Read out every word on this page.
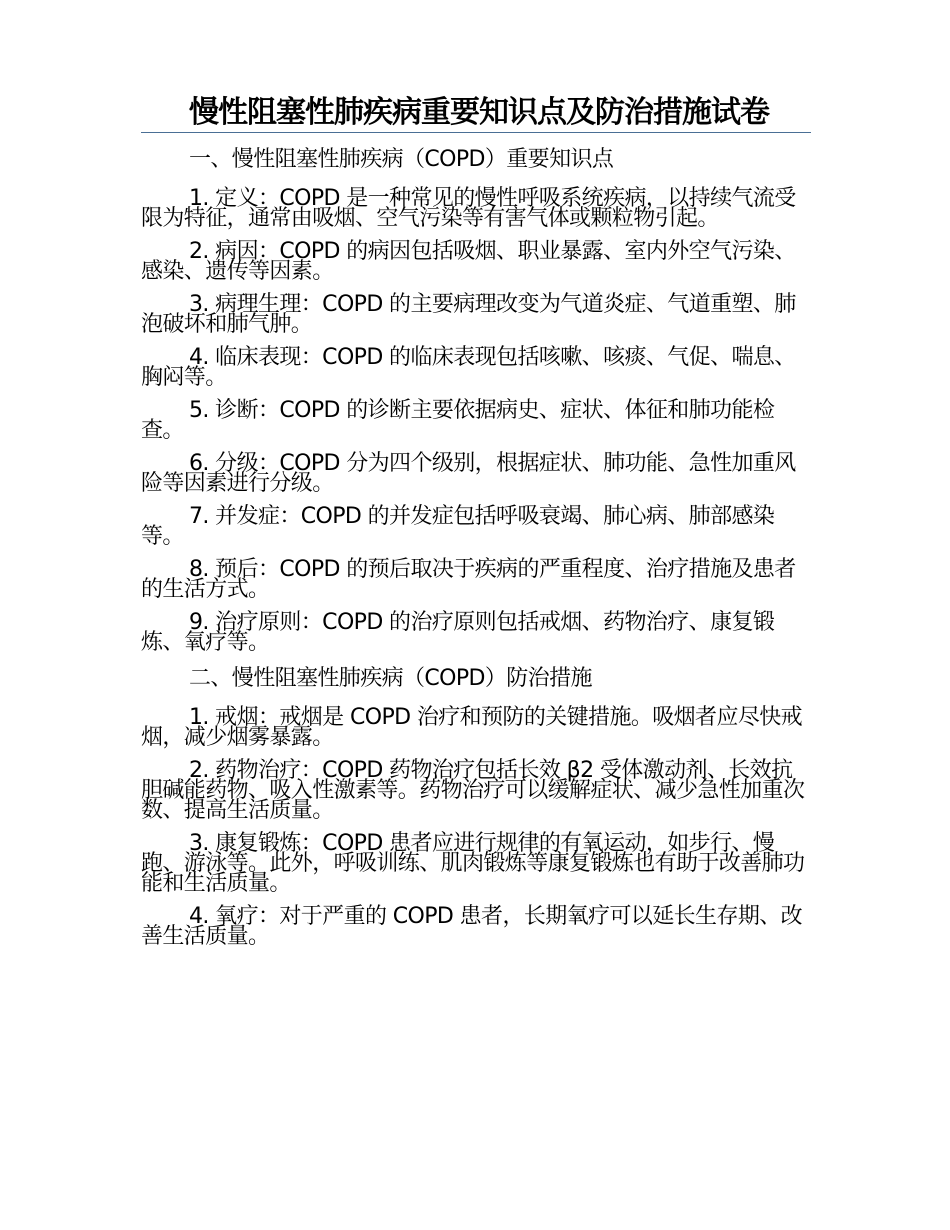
慢性阻塞性肺疾病重要知识点及防治措施试卷

一、慢性阻塞性肺疾病（COPD）重要知识点

1. 定义：COPD 是一种常见的慢性呼吸系统疾病，以持续气流受限为特征，通常由吸烟、空气污染等有害气体或颗粒物引起。

2. 病因：COPD 的病因包括吸烟、职业暴露、室内外空气污染、感染、遗传等因素。

3. 病理生理：COPD 的主要病理改变为气道炎症、气道重塑、肺泡破坏和肺气肿。

4. 临床表现：COPD 的临床表现包括咳嗽、咳痰、气促、喘息、胸闷等。

5. 诊断：COPD 的诊断主要依据病史、症状、体征和肺功能检查。

6. 分级：COPD 分为四个级别，根据症状、肺功能、急性加重风险等因素进行分级。

7. 并发症：COPD 的并发症包括呼吸衰竭、肺心病、肺部感染等。

8. 预后：COPD 的预后取决于疾病的严重程度、治疗措施及患者的生活方式。

9. 治疗原则：COPD 的治疗原则包括戒烟、药物治疗、康复锻炼、氧疗等。

二、慢性阻塞性肺疾病（COPD）防治措施

1. 戒烟：戒烟是 COPD 治疗和预防的关键措施。吸烟者应尽快戒烟，减少烟雾暴露。

2. 药物治疗：COPD 药物治疗包括长效 β2 受体激动剂、长效抗胆碱能药物、吸入性激素等。药物治疗可以缓解症状、减少急性加重次数、提高生活质量。

3. 康复锻炼：COPD 患者应进行规律的有氧运动，如步行、慢跑、游泳等。此外，呼吸训练、肌肉锻炼等康复锻炼也有助于改善肺功能和生活质量。

4. 氧疗：对于严重的 COPD 患者，长期氧疗可以延长生存期、改善生活质量。
